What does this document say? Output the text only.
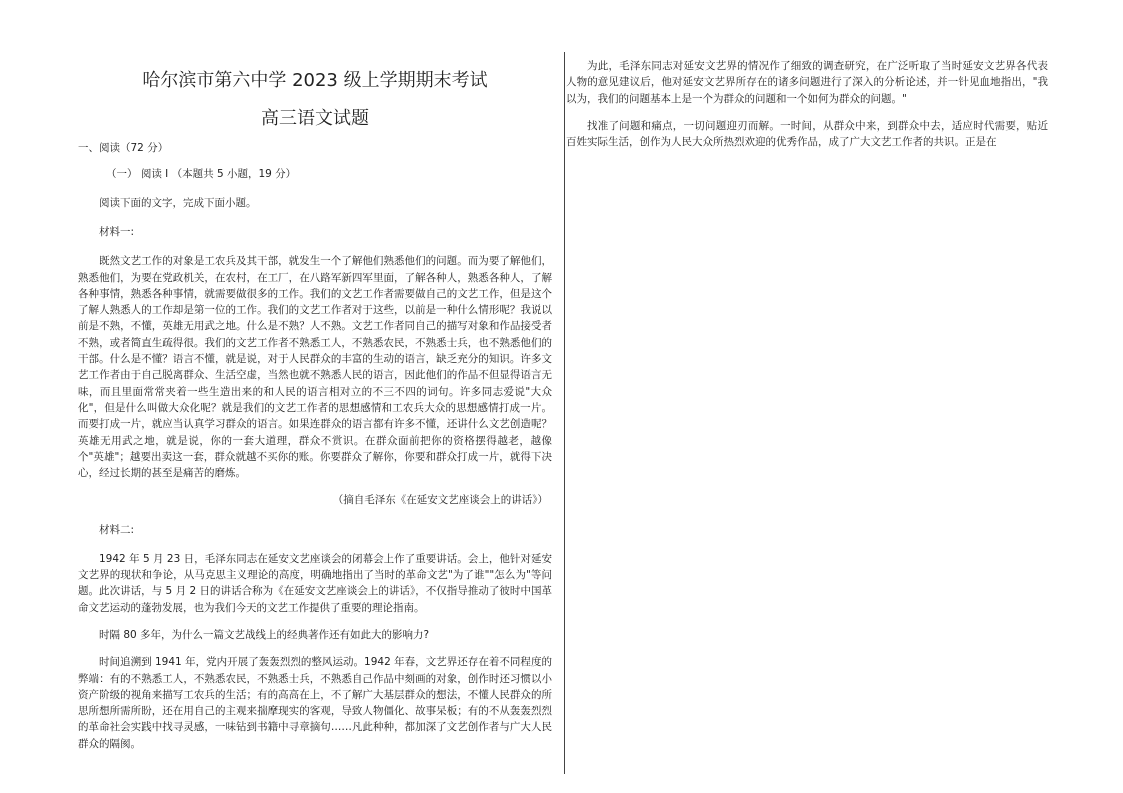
哈尔滨市第六中学 2023 级上学期期末考试
高三语文试题
一、阅读（72 分）
（一） 阅读 Ⅰ （本题共 5 小题，19 分）
阅读下面的文字，完成下面小题。
材料一:

既然文艺工作的对象是工农兵及其干部，就发生一个了解他们熟悉他们的问题。而为要了解他们，熟悉他们，为要在党政机关，在农村，在工厂，在八路军新四军里面，了解各种人，熟悉各种人，了解各种事情，熟悉各种事情，就需要做很多的工作。我们的文艺工作者需要做自己的文艺工作，但是这个了解人熟悉人的工作却是第一位的工作。我们的文艺工作者对于这些，以前是一种什么情形呢？我说以前是不熟，不懂，英雄无用武之地。什么是不熟？人不熟。文艺工作者同自己的描写对象和作品接受者不熟，或者简直生疏得很。我们的文艺工作者不熟悉工人，不熟悉农民，不熟悉士兵，也不熟悉他们的干部。什么是不懂？语言不懂，就是说，对于人民群众的丰富的生动的语言，缺乏充分的知识。许多文艺工作者由于自己脱离群众、生活空虚，当然也就不熟悉人民的语言，因此他们的作品不但显得语言无味，而且里面常常夹着一些生造出来的和人民的语言相对立的不三不四的词句。许多同志爱说"大众化"，但是什么叫做大众化呢？就是我们的文艺工作者的思想感情和工农兵大众的思想感情打成一片。而要打成一片，就应当认真学习群众的语言。如果连群众的语言都有许多不懂，还讲什么文艺创造呢？英雄无用武之地，就是说，你的一套大道理，群众不赏识。在群众面前把你的资格摆得越老，越像个"英雄"；越要出卖这一套，群众就越不买你的账。你要群众了解你，你要和群众打成一片，就得下决心，经过长期的甚至是痛苦的磨炼。

（摘自毛泽东《在延安文艺座谈会上的讲话》）

材料二:

1942 年 5 月 23 日，毛泽东同志在延安文艺座谈会的闭幕会上作了重要讲话。会上，他针对延安文艺界的现状和争论，从马克思主义理论的高度，明确地指出了当时的革命文艺"为了谁""怎么为"等问题。此次讲话，与 5 月 2 日的讲话合称为《在延安文艺座谈会上的讲话》，不仅指导推动了彼时中国革命文艺运动的蓬勃发展，也为我们今天的文艺工作提供了重要的理论指南。

时隔 80 多年，为什么一篇文艺战线上的经典著作还有如此大的影响力?

时间追溯到 1941 年，党内开展了轰轰烈烈的整风运动。1942 年春，文艺界还存在着不同程度的弊端：有的不熟悉工人，不熟悉农民，不熟悉士兵，不熟悉自己作品中刻画的对象，创作时还习惯以小资产阶级的视角来描写工农兵的生活；有的高高在上，不了解广大基层群众的想法，不懂人民群众的所思所想所需所盼，还在用自己的主观来揣摩现实的客观，导致人物僵化、故事呆板；有的不从轰轰烈烈的革命社会实践中找寻灵感，一味钻到书籍中寻章摘句……凡此种种，都加深了文艺创作者与广大人民群众的隔阂。

为此，毛泽东同志对延安文艺界的情况作了细致的调查研究，在广泛听取了当时延安文艺界各代表人物的意见建议后，他对延安文艺界所存在的诸多问题进行了深入的分析论述，并一针见血地指出，"我以为，我们的问题基本上是一个为群众的问题和一个如何为群众的问题。"

找准了问题和痛点，一切问题迎刃而解。一时间，从群众中来，到群众中去，适应时代需要，贴近百姓实际生活，创作为人民大众所热烈欢迎的优秀作品，成了广大文艺工作者的共识。正是在
